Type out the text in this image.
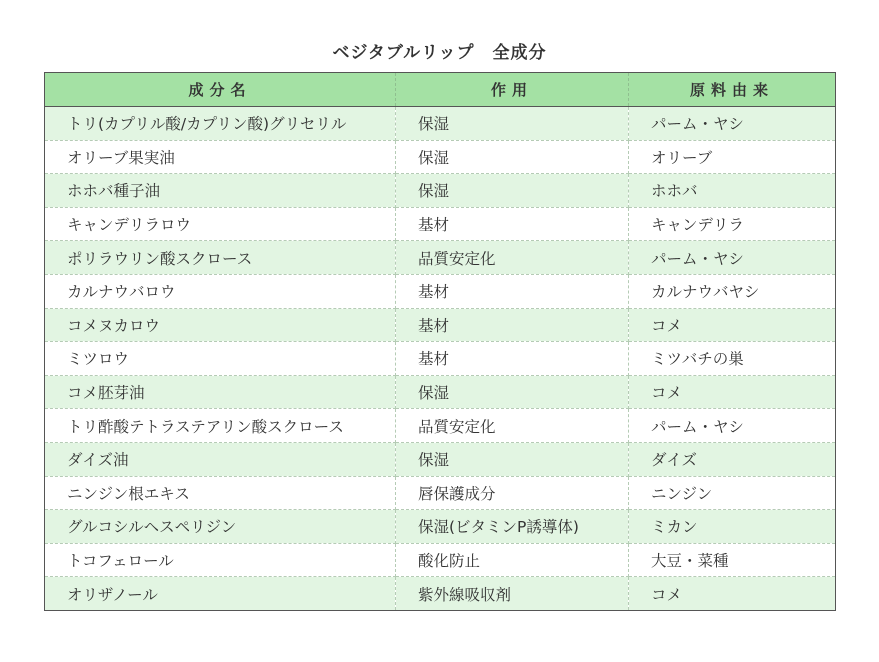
ベジタブルリップ　全成分
成分名	作用	原料由来
トリ(カプリル酸/カプリン酸)グリセリル	保湿	パーム・ヤシ
オリーブ果実油	保湿	オリーブ
ホホバ種子油	保湿	ホホバ
キャンデリラロウ	基材	キャンデリラ
ポリラウリン酸スクロース	品質安定化	パーム・ヤシ
カルナウバロウ	基材	カルナウバヤシ
コメヌカロウ	基材	コメ
ミツロウ	基材	ミツバチの巣
コメ胚芽油	保湿	コメ
トリ酢酸テトラステアリン酸スクロース	品質安定化	パーム・ヤシ
ダイズ油	保湿	ダイズ
ニンジン根エキス	唇保護成分	ニンジン
グルコシルヘスペリジン	保湿(ビタミンP誘導体)	ミカン
トコフェロール	酸化防止	大豆・菜種
オリザノール	紫外線吸収剤	コメ
